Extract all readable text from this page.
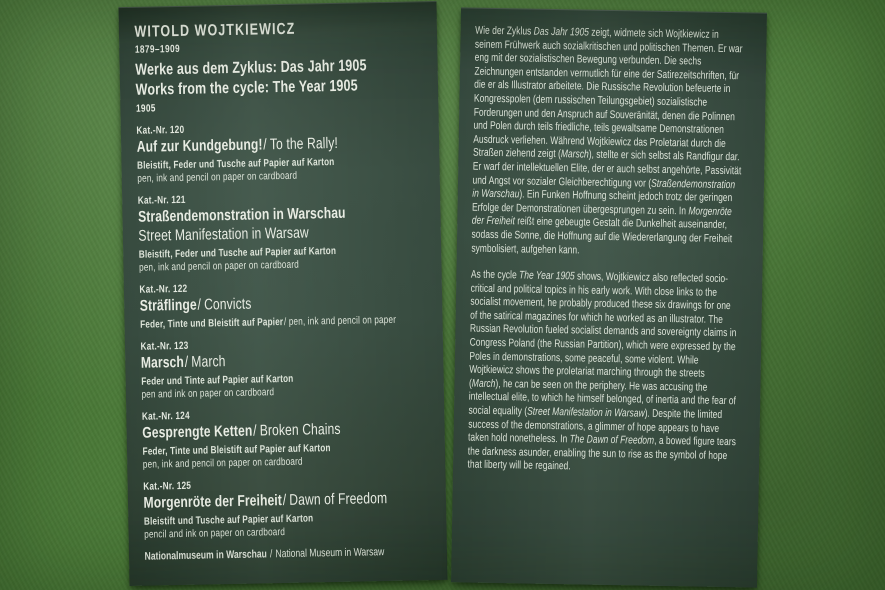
WITOLD WOJTKIEWICZ
1879–1909
Werke aus dem Zyklus: Das Jahr 1905
Works from the cycle: The Year 1905
1905
Kat.-Nr. 120
Auf zur Kundgebung!/ To the Rally!
Bleistift, Feder und Tusche auf Papier auf Karton
pen, ink and pencil on paper on cardboard
Kat.-Nr. 121
Straßendemonstration in Warschau
Street Manifestation in Warsaw
Bleistift, Feder und Tusche auf Papier auf Karton
pen, ink and pencil on paper on cardboard
Kat.-Nr. 122
Sträflinge/ Convicts
Feder, Tinte und Bleistift auf Papier/ pen, ink and pencil on paper
Kat.-Nr. 123
Marsch/ March
Feder und Tinte auf Papier auf Karton
pen and ink on paper on cardboard
Kat.-Nr. 124
Gesprengte Ketten/ Broken Chains
Feder, Tinte und Bleistift auf Papier auf Karton
pen, ink and pencil on paper on cardboard
Kat.-Nr. 125
Morgenröte der Freiheit/ Dawn of Freedom
Bleistift und Tusche auf Papier auf Karton
pencil and ink on paper on cardboard
Nationalmuseum in Warschau / National Museum in Warsaw

Wie der Zyklus Das Jahr 1905 zeigt, widmete sich Wojtkiewicz in seinem Frühwerk auch sozialkritischen und politischen Themen. Er war eng mit der sozialistischen Bewegung verbunden. Die sechs Zeichnungen entstanden vermutlich für eine der Satirezeitschriften, für die er als Illustrator arbeitete. Die Russische Revolution befeuerte in Kongresspolen (dem russischen Teilungsgebiet) sozialistische Forderungen und den Anspruch auf Souveränität, denen die Polinnen und Polen durch teils friedliche, teils gewaltsame Demonstrationen Ausdruck verliehen. Während Wojtkiewicz das Proletariat durch die Straßen ziehend zeigt (Marsch), stellte er sich selbst als Randfigur dar. Er warf der intellektuellen Elite, der er auch selbst angehörte, Passivität und Angst vor sozialer Gleichberechtigung vor (Straßendemonstration in Warschau). Ein Funken Hoffnung scheint jedoch trotz der geringen Erfolge der Demonstrationen übergesprungen zu sein. In Morgenröte der Freiheit reißt eine gebeugte Gestalt die Dunkelheit auseinander, sodass die Sonne, die Hoffnung auf die Wiedererlangung der Freiheit symbolisiert, aufgehen kann.

As the cycle The Year 1905 shows, Wojtkiewicz also reflected socio-critical and political topics in his early work. With close links to the socialist movement, he probably produced these six drawings for one of the satirical magazines for which he worked as an illustrator. The Russian Revolution fueled socialist demands and sovereignty claims in Congress Poland (the Russian Partition), which were expressed by the Poles in demonstrations, some peaceful, some violent. While Wojtkiewicz shows the proletariat marching through the streets (March), he can be seen on the periphery. He was accusing the intellectual elite, to which he himself belonged, of inertia and the fear of social equality (Street Manifestation in Warsaw). Despite the limited success of the demonstrations, a glimmer of hope appears to have taken hold nonetheless. In The Dawn of Freedom, a bowed figure tears the darkness asunder, enabling the sun to rise as the symbol of hope that liberty will be regained.
